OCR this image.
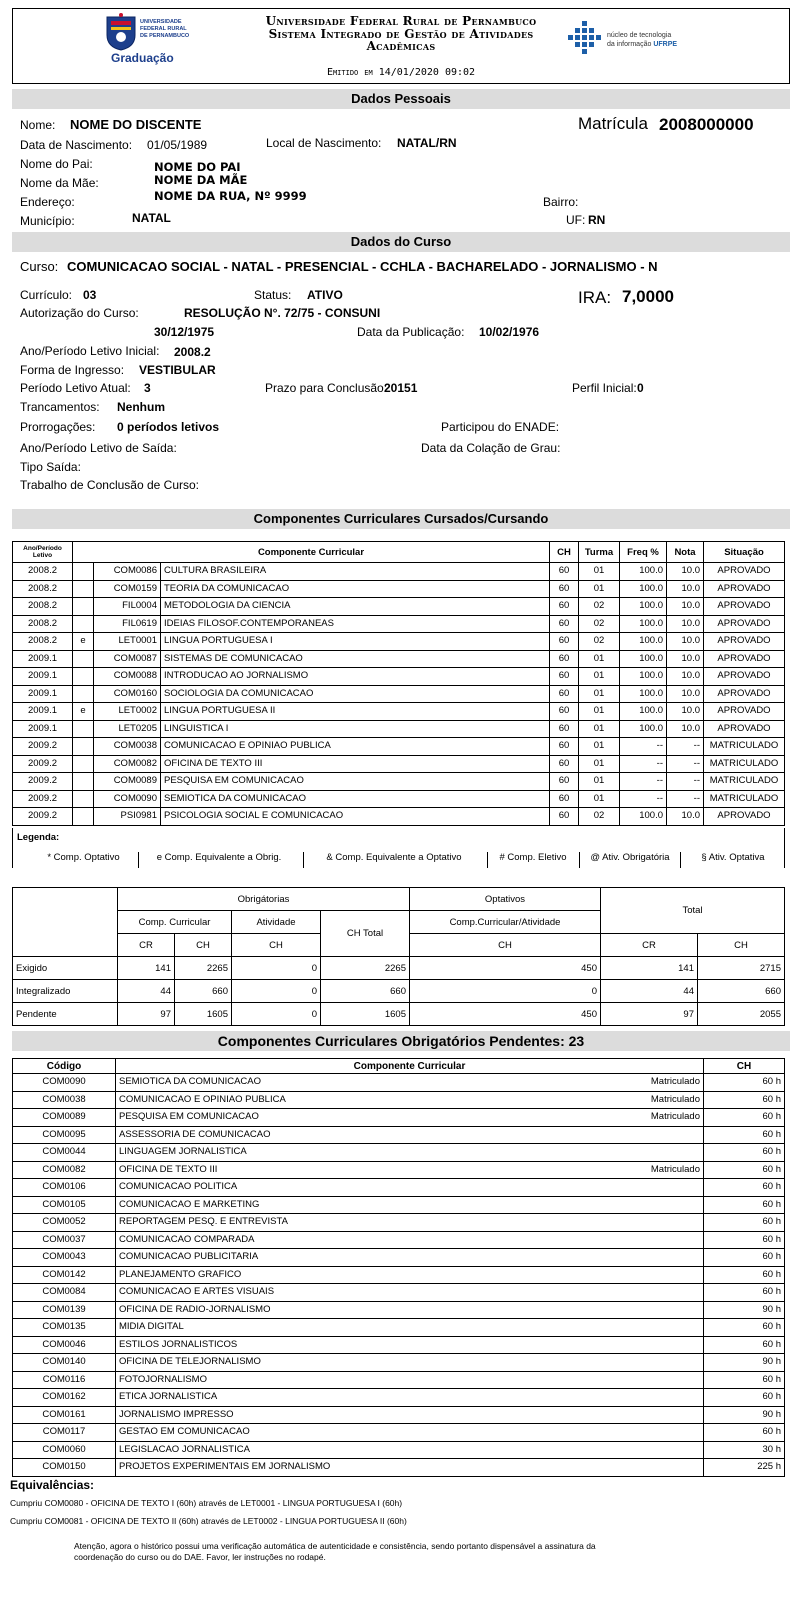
UNIVERSIDADE
FEDERAL RURAL
DE PERNAMBUCO
Graduação
Universidade Federal Rural de Pernambuco
Sistema Integrado de Gestão de Atividades
Acadêmicas
Emitido em 14/01/2020 09:02
núcleo de tecnologia
da informação UFRPE
Dados Pessoais
Nome: NOME DO DISCENTE	Matrícula 2008000000
Data de Nascimento: 01/05/1989	Local de Nascimento: NATAL/RN
Nome do Pai:	NOME DO PAI
Nome da Mãe:	NOME DA MÃE
Endereço:	NOME DA RUA, Nº 9999	Bairro:
Município:	NATAL	UF: RN
Dados do Curso
Curso: COMUNICACAO SOCIAL - NATAL - PRESENCIAL - CCHLA - BACHARELADO - JORNALISMO - N
Currículo: 03	Status: ATIVO	IRA: 7,0000
Autorização do Curso:	RESOLUÇÃO N°. 72/75 - CONSUNI
30/12/1975	Data da Publicação: 10/02/1976
Ano/Período Letivo Inicial: 2008.2
Forma de Ingresso: VESTIBULAR
Período Letivo Atual: 3	Prazo para Conclusão:
20151	Perfil Inicial: 0
Trancamentos: Nenhum
Prorrogações: 0 períodos letivos	Participou do ENADE:
Ano/Período Letivo de Saída:	Data da Colação de Grau:
Tipo Saída:
Trabalho de Conclusão de Curso:
Componentes Curriculares Cursados/Cursando
Ano/Período Letivo	Componente Curricular			CH	Turma	Freq %	Nota	Situação
2008.2		COM0086	CULTURA BRASILEIRA	60	01	100.0	10.0	APROVADO
2008.2		COM0159	TEORIA DA COMUNICACAO	60	01	100.0	10.0	APROVADO
2008.2		FIL0004	METODOLOGIA DA CIENCIA	60	02	100.0	10.0	APROVADO
2008.2		FIL0619	IDEIAS FILOSOF.CONTEMPORANEAS	60	02	100.0	10.0	APROVADO
2008.2	e	LET0001	LINGUA PORTUGUESA I	60	02	100.0	10.0	APROVADO
2009.1		COM0087	SISTEMAS DE COMUNICACAO	60	01	100.0	10.0	APROVADO
2009.1		COM0088	INTRODUCAO AO JORNALISMO	60	01	100.0	10.0	APROVADO
2009.1		COM0160	SOCIOLOGIA DA COMUNICACAO	60	01	100.0	10.0	APROVADO
2009.1	e	LET0002	LINGUA PORTUGUESA II	60	01	100.0	10.0	APROVADO
2009.1		LET0205	LINGUISTICA I	60	01	100.0	10.0	APROVADO
2009.2		COM0038	COMUNICACAO E OPINIAO PUBLICA	60	01	--	--	MATRICULADO
2009.2		COM0082	OFICINA DE TEXTO III	60	01	--	--	MATRICULADO
2009.2		COM0089	PESQUISA EM COMUNICACAO	60	01	--	--	MATRICULADO
2009.2		COM0090	SEMIOTICA DA COMUNICACAO	60	01	--	--	MATRICULADO
2009.2		PSI0981	PSICOLOGIA SOCIAL E COMUNICACAO	60	02	100.0	10.0	APROVADO
Legenda:
* Comp. Optativo	e Comp. Equivalente a Obrig.	& Comp. Equivalente a Optativo	# Comp. Eletivo	@ Ativ. Obrigatória	§ Ativ. Optativa
	Obrigátorias				Optativos	Total	
	Comp. Curricular		Atividade	CH Total	Comp.Curricular/Atividade		
	CR	CH	CH		CH	CR	CH
Exigido	141	2265	0	2265	450	141	2715
Integralizado	44	660	0	660	0	44	660
Pendente	97	1605	0	1605	450	97	2055
Componentes Curriculares Obrigatórios Pendentes: 23
Código	Componente Curricular		CH
COM0090	SEMIOTICA DA COMUNICACAO	Matriculado	60 h
COM0038	COMUNICACAO E OPINIAO PUBLICA	Matriculado	60 h
COM0089	PESQUISA EM COMUNICACAO	Matriculado	60 h
COM0095	ASSESSORIA DE COMUNICACAO		60 h
COM0044	LINGUAGEM JORNALISTICA		60 h
COM0082	OFICINA DE TEXTO III	Matriculado	60 h
COM0106	COMUNICACAO POLITICA		60 h
COM0105	COMUNICACAO E MARKETING		60 h
COM0052	REPORTAGEM PESQ. E ENTREVISTA		60 h
COM0037	COMUNICACAO COMPARADA		60 h
COM0043	COMUNICACAO PUBLICITARIA		60 h
COM0142	PLANEJAMENTO GRAFICO		60 h
COM0084	COMUNICACAO E ARTES VISUAIS		60 h
COM0139	OFICINA DE RADIO-JORNALISMO		90 h
COM0135	MIDIA DIGITAL		60 h
COM0046	ESTILOS JORNALISTICOS		60 h
COM0140	OFICINA DE TELEJORNALISMO		90 h
COM0116	FOTOJORNALISMO		60 h
COM0162	ETICA JORNALISTICA		60 h
COM0161	JORNALISMO IMPRESSO		90 h
COM0117	GESTAO EM COMUNICACAO		60 h
COM0060	LEGISLACAO JORNALISTICA		30 h
COM0150	PROJETOS EXPERIMENTAIS EM JORNALISMO		225 h
Equivalências:
Cumpriu COM0080 - OFICINA DE TEXTO I (60h) através de LET0001 - LINGUA PORTUGUESA I (60h)
Cumpriu COM0081 - OFICINA DE TEXTO II (60h) através de LET0002 - LINGUA PORTUGUESA II (60h)
Atenção, agora o histórico possui uma verificação automática de autenticidade e consistência, sendo portanto dispensável a assinatura da
coordenação do curso ou do DAE. Favor, ler instruções no rodapé.
